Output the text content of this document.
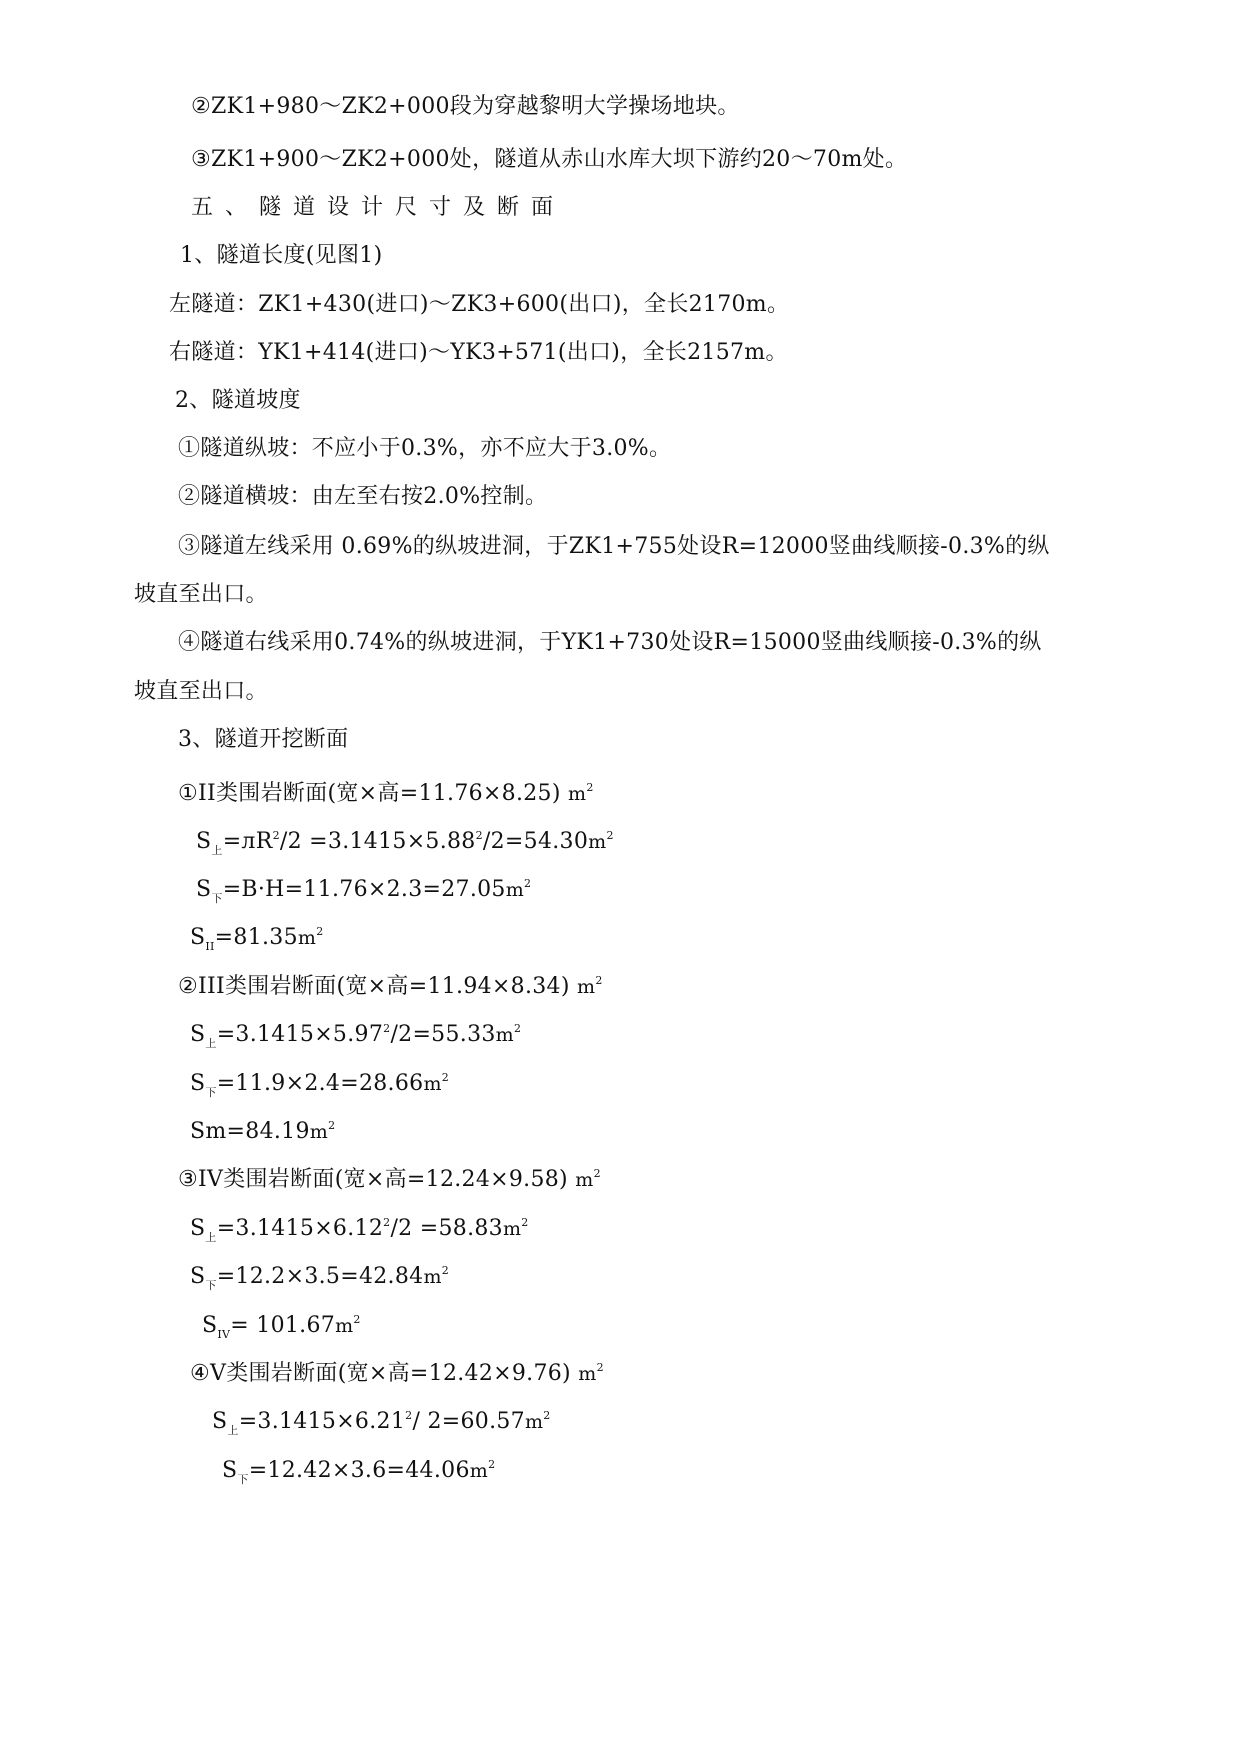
②ZK1+980～ZK2+000段为穿越黎明大学操场地块。
③ZK1+900～ZK2+000处，隧道从赤山水库大坝下游约20～70m处。
五、隧道设计尺寸及断面
1、隧道长度(见图1)
左隧道：ZK1+430(进口)～ZK3+600(出口)，全长2170m。
右隧道：YK1+414(进口)～YK3+571(出口)，全长2157m。
2、隧道坡度
①隧道纵坡：不应小于0.3%，亦不应大于3.0%。
②隧道横坡：由左至右按2.0%控制。
③隧道左线采用 0.69%的纵坡进洞，于ZK1+755处设R=12000竖曲线顺接-0.3%的纵
坡直至出口。
④隧道右线采用0.74%的纵坡进洞，于YK1+730处设R=15000竖曲线顺接-0.3%的纵
坡直至出口。
3、隧道开挖断面
①II类围岩断面(宽×高=11.76×8.25) $m^2$
$S_上=лR^2/2 =3.1415\times 5.88^2/2=54.30m^2$
$S_下=B\cdot H=11.76\times 2.3=27.05m^2$
$S_{II}=81.35m^2$
②III类围岩断面(宽×高=11.94×8.34) $m^2$
$S_上=3.1415\times 5.97^2/2=55.33m^2$
$S_下=11.9\times 2.4=28.66m^2$
$Sm=84.19m^2$
③IV类围岩断面(宽×高=12.24×9.58) $m^2$
$S_上=3.1415\times 6.12^2/2 =58.83m^2$
$S_下=12.2\times 3.5=42.84m^2$
$S_{IV}= 101.67m^2$
④V类围岩断面(宽×高=12.42×9.76) $m^2$
$S_上=3.1415\times 6.21^2/$ $2=60.57m^2$
$S_下=12.42\times 3.6=44.06m^2$
